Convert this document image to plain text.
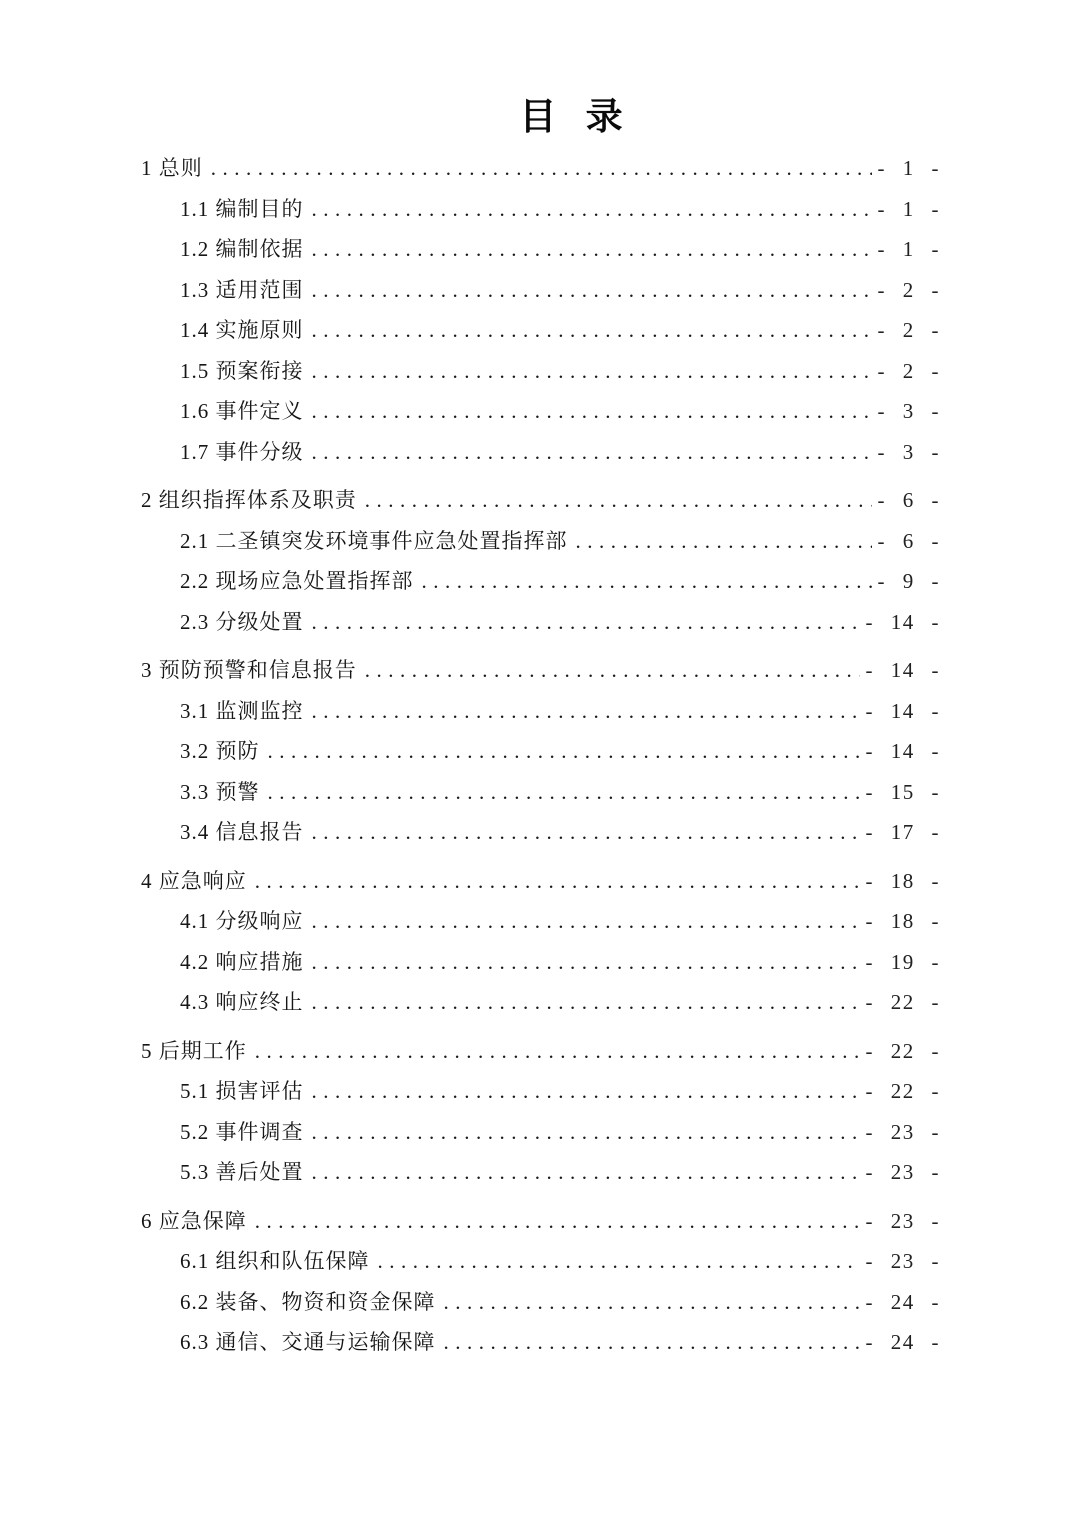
目 录
1 总则 .....	- 1 -
1.1 编制目的 .....	- 1 -
1.2 编制依据 .....	- 1 -
1.3 适用范围 .....	- 2 -
1.4 实施原则 .....	- 2 -
1.5 预案衔接 .....	- 2 -
1.6 事件定义 .....	- 3 -
1.7 事件分级 .....	- 3 -
2 组织指挥体系及职责 .....	- 6 -
2.1 二圣镇突发环境事件应急处置指挥部 .....	- 6 -
2.2 现场应急处置指挥部 .....	- 9 -
2.3 分级处置 .....	- 14 -
3 预防预警和信息报告 .....	- 14 -
3.1 监测监控 .....	- 14 -
3.2 预防 .....	- 14 -
3.3 预警 .....	- 15 -
3.4 信息报告 .....	- 17 -
4 应急响应 .....	- 18 -
4.1 分级响应 .....	- 18 -
4.2 响应措施 .....	- 19 -
4.3 响应终止 .....	- 22 -
5 后期工作 .....	- 22 -
5.1 损害评估 .....	- 22 -
5.2 事件调查 .....	- 23 -
5.3 善后处置 .....	- 23 -
6 应急保障 .....	- 23 -
6.1 组织和队伍保障 .....	- 23 -
6.2 装备、物资和资金保障 .....	- 24 -
6.3 通信、交通与运输保障 .....	- 24 -
